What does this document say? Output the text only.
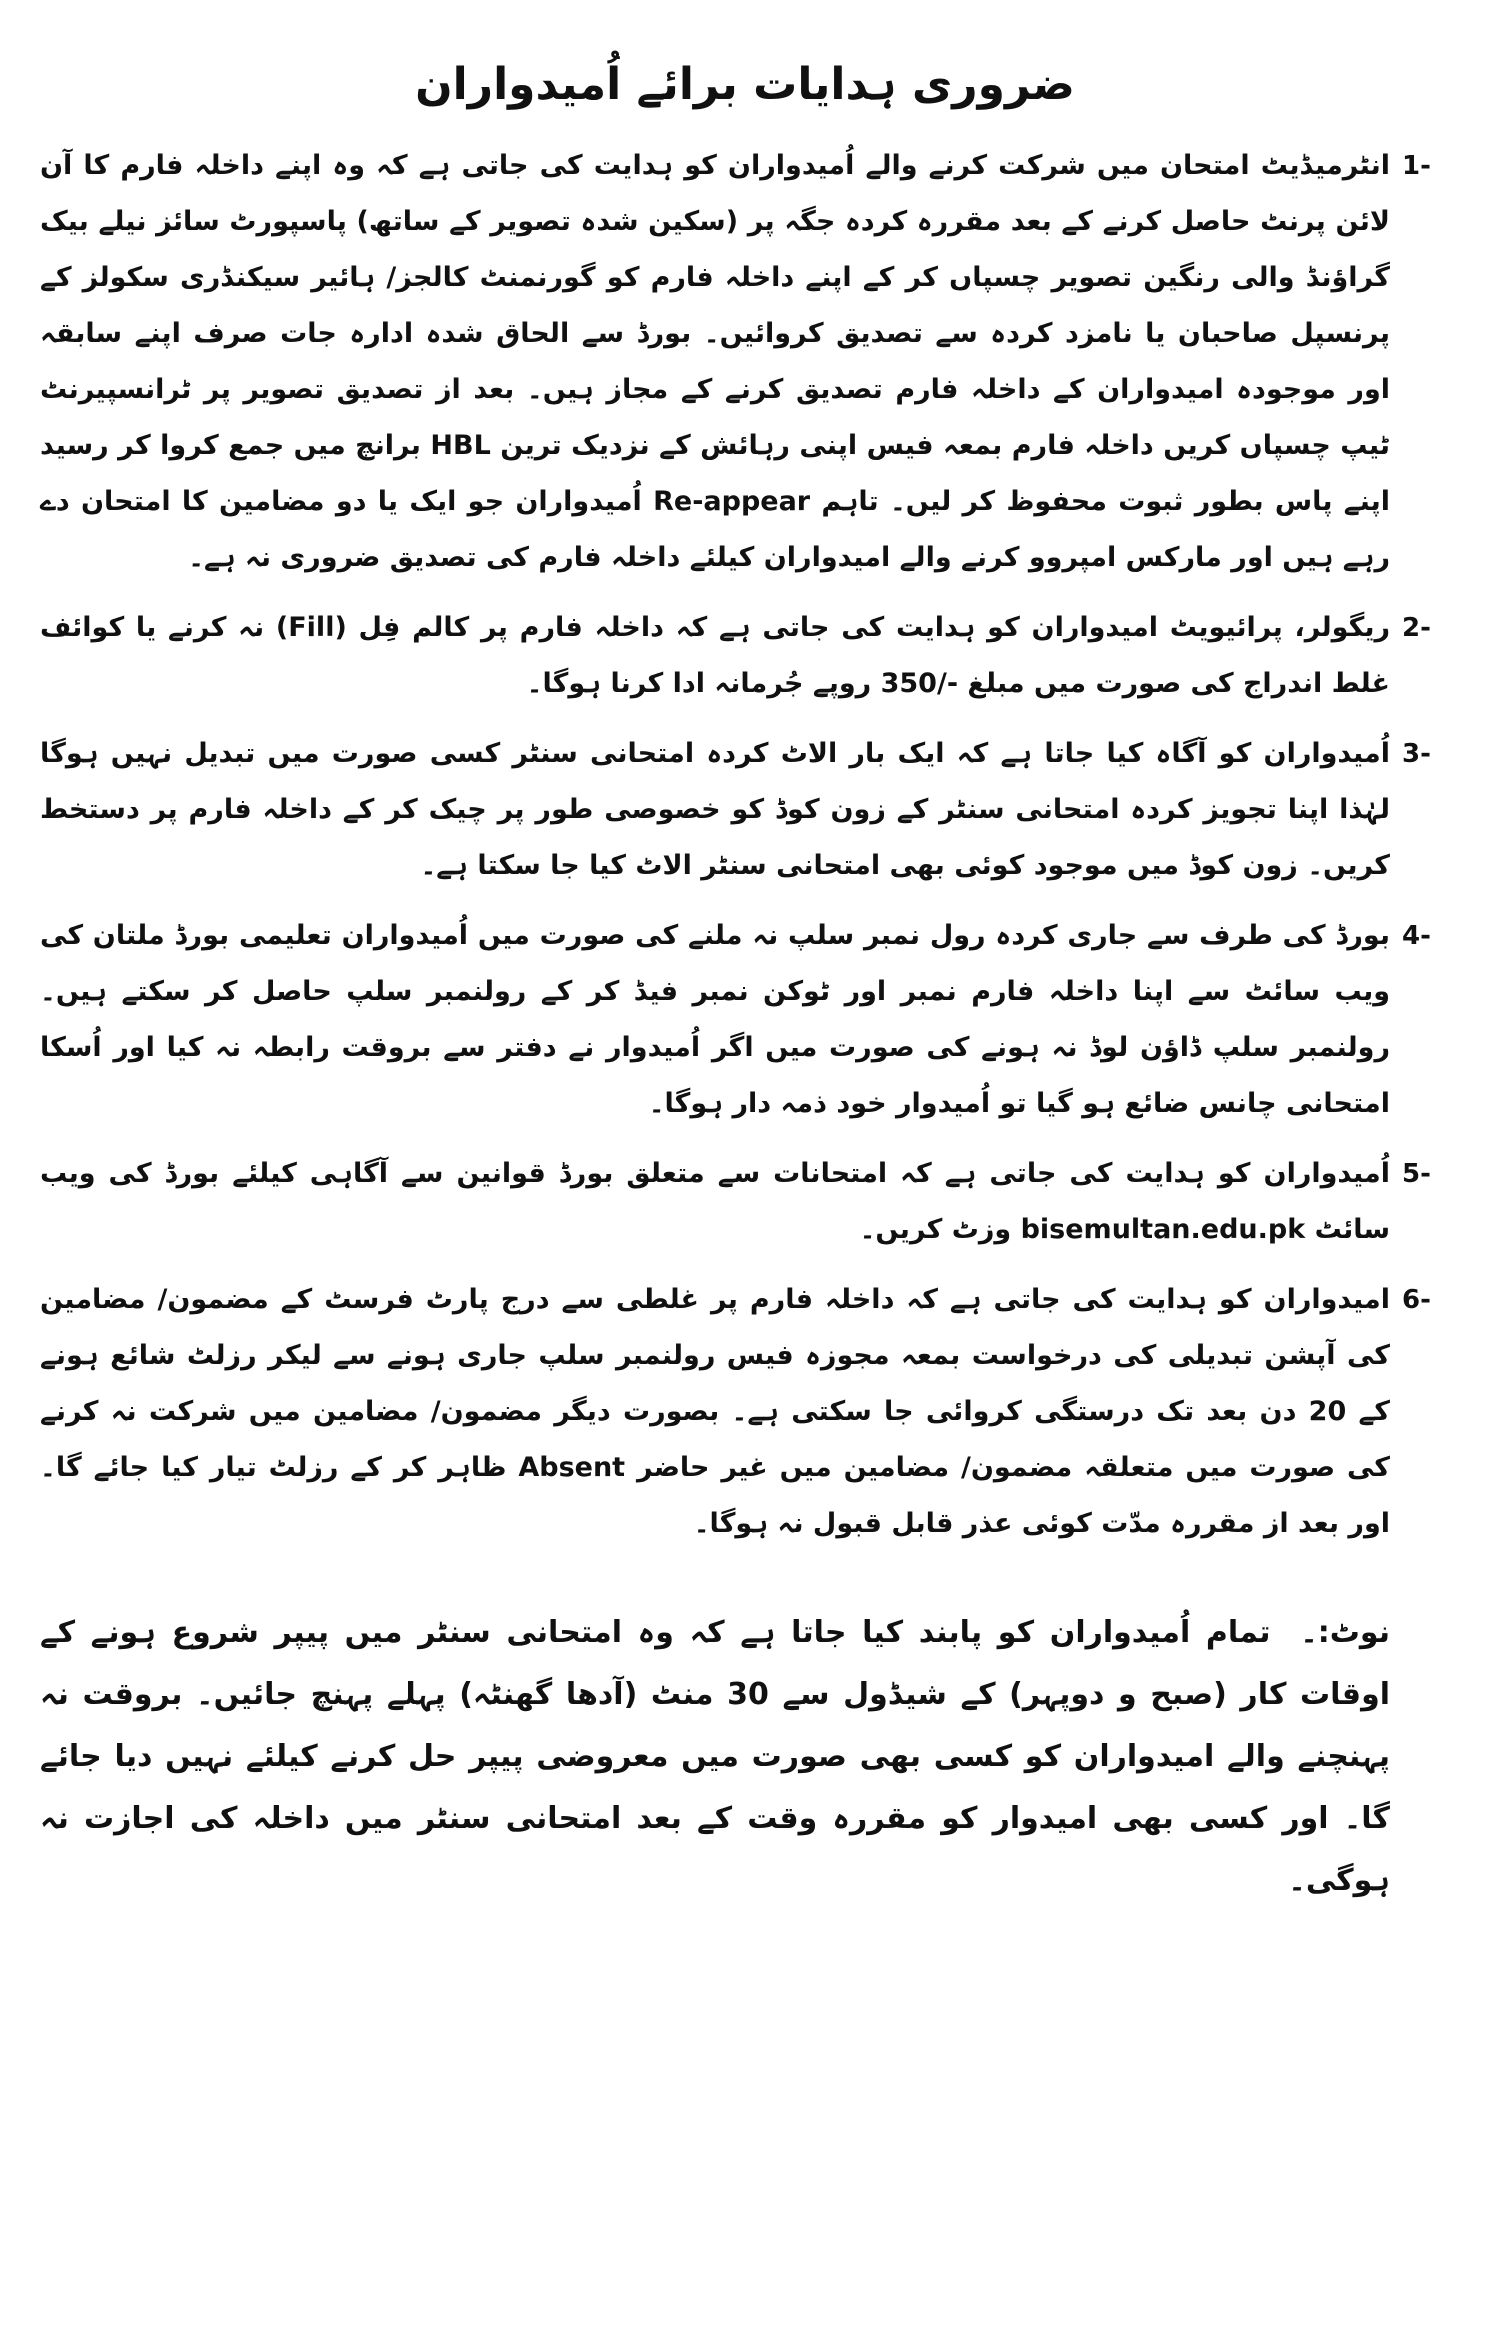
ضروری ہدایات برائے اُمیدواران
1 -
انٹرمیڈیٹ امتحان میں شرکت کرنے والے اُمیدواران کو ہدایت کی جاتی ہے کہ وہ اپنے داخلہ فارم کا آن لائن پرنٹ حاصل کرنے کے بعد مقررہ کردہ جگہ پر (سکین شدہ تصویر کے ساتھ) پاسپورٹ سائز نیلے بیک گراؤنڈ والی رنگین تصویر چسپاں کر کے اپنے داخلہ فارم کو گورنمنٹ کالجز/ ہائیر سیکنڈری سکولز کے پرنسپل صاحبان یا نامزد کردہ سے تصدیق کروائیں۔ بورڈ سے الحاق شدہ ادارہ جات صرف اپنے سابقہ اور موجودہ امیدواران کے داخلہ فارم تصدیق کرنے کے مجاز ہیں۔ بعد از تصدیق تصویر پر ٹرانسپیرنٹ ٹیپ چسپاں کریں داخلہ فارم بمعہ فیس اپنی رہائش کے نزدیک ترین HBL برانچ میں جمع کروا کر رسید اپنے پاس بطور ثبوت محفوظ کر لیں۔ تاہم Re-appear اُمیدواران جو ایک یا دو مضامین کا امتحان دے رہے ہیں اور مارکس امپروو کرنے والے امیدواران کیلئے داخلہ فارم کی تصدیق ضروری نہ ہے۔
2 -
ریگولر، پرائیویٹ امیدواران کو ہدایت کی جاتی ہے کہ داخلہ فارم پر کالم فِل (Fill) نہ کرنے یا کوائف غلط اندراج کی صورت میں مبلغ -/350 روپے جُرمانہ ادا کرنا ہوگا۔
3 -
اُمیدواران کو آگاہ کیا جاتا ہے کہ ایک بار الاٹ کردہ امتحانی سنٹر کسی صورت میں تبدیل نہیں ہوگا لہٰذا اپنا تجویز کردہ امتحانی سنٹر کے زون کوڈ کو خصوصی طور پر چیک کر کے داخلہ فارم پر دستخط کریں۔ زون کوڈ میں موجود کوئی بھی امتحانی سنٹر الاٹ کیا جا سکتا ہے۔
4 -
بورڈ کی طرف سے جاری کردہ رول نمبر سلپ نہ ملنے کی صورت میں اُمیدواران تعلیمی بورڈ ملتان کی ویب سائٹ سے اپنا داخلہ فارم نمبر اور ٹوکن نمبر فیڈ کر کے رولنمبر سلپ حاصل کر سکتے ہیں۔ رولنمبر سلپ ڈاؤن لوڈ نہ ہونے کی صورت میں اگر اُمیدوار نے دفتر سے بروقت رابطہ نہ کیا اور اُسکا امتحانی چانس ضائع ہو گیا تو اُمیدوار خود ذمہ دار ہوگا۔
5 -
اُمیدواران کو ہدایت کی جاتی ہے کہ امتحانات سے متعلق بورڈ قوانین سے آگاہی کیلئے بورڈ کی ویب سائٹ bisemultan.edu.pk وزٹ کریں۔
6 -
امیدواران کو ہدایت کی جاتی ہے کہ داخلہ فارم پر غلطی سے درج پارٹ فرسٹ کے مضمون/ مضامین کی آپشن تبدیلی کی درخواست بمعہ مجوزہ فیس رولنمبر سلپ جاری ہونے سے لیکر رزلٹ شائع ہونے کے 20 دن بعد تک درستگی کروائی جا سکتی ہے۔ بصورت دیگر مضمون/ مضامین میں شرکت نہ کرنے کی صورت میں متعلقہ مضمون/ مضامین میں غیر حاضر Absent ظاہر کر کے رزلٹ تیار کیا جائے گا۔ اور بعد از مقررہ مدّت کوئی عذر قابل قبول نہ ہوگا۔
نوٹ:۔ تمام اُمیدواران کو پابند کیا جاتا ہے کہ وہ امتحانی سنٹر میں پیپر شروع ہونے کے اوقات کار (صبح و دوپہر) کے شیڈول سے 30 منٹ (آدھا گھنٹہ) پہلے پہنچ جائیں۔ بروقت نہ پہنچنے والے امیدواران کو کسی بھی صورت میں معروضی پیپر حل کرنے کیلئے نہیں دیا جائے گا۔ اور کسی بھی امیدوار کو مقررہ وقت کے بعد امتحانی سنٹر میں داخلہ کی اجازت نہ ہوگی۔
